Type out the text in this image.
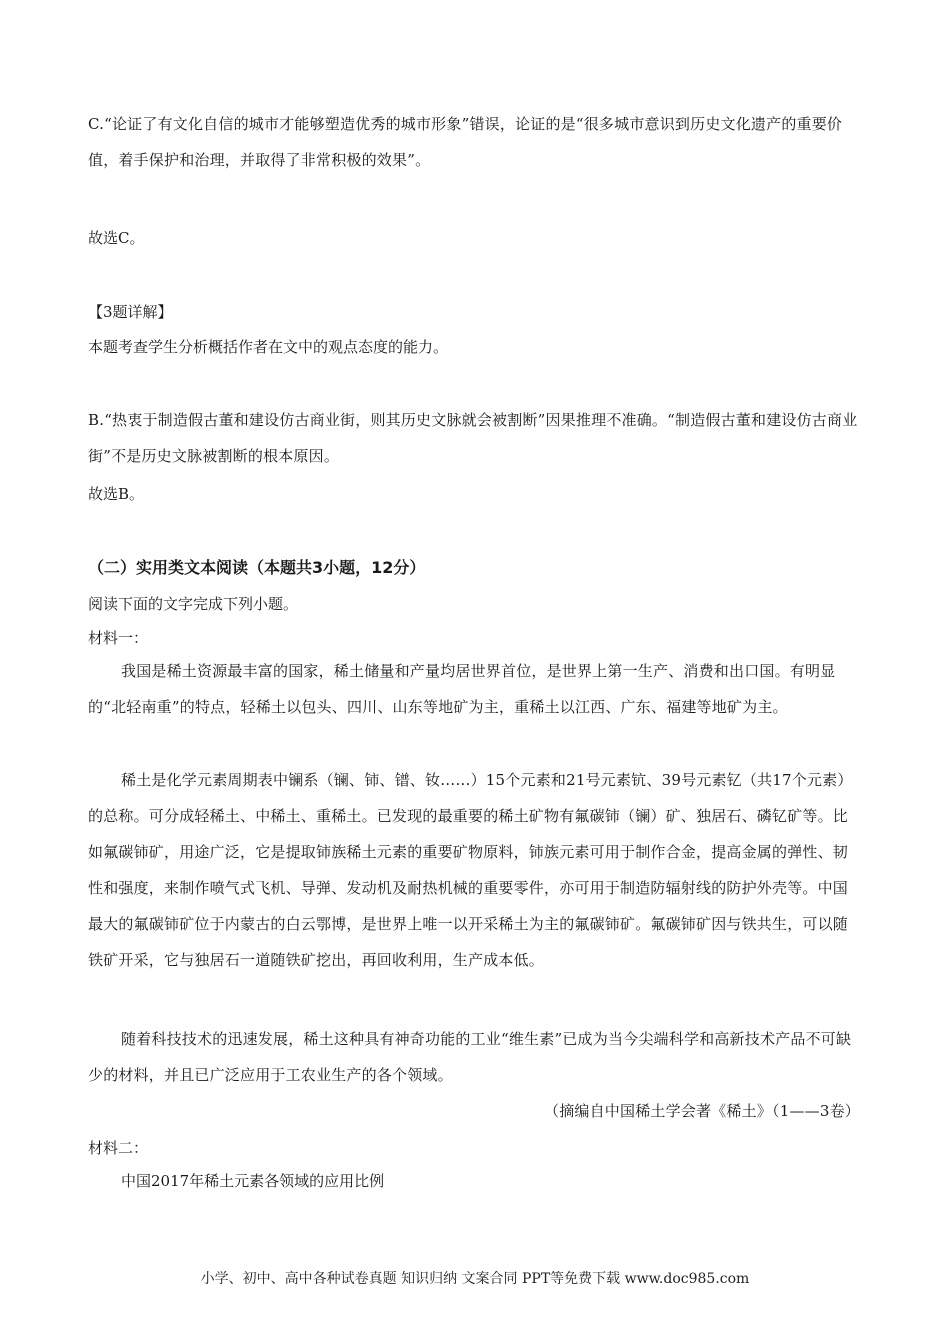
C.“论证了有文化自信的城市才能够塑造优秀的城市形象”错误，论证的是“很多城市意识到历史文化遗产的重要价值，着手保护和治理，并取得了非常积极的效果”。
故选C。
【3题详解】
本题考查学生分析概括作者在文中的观点态度的能力。
B.“热衷于制造假古董和建设仿古商业街，则其历史文脉就会被割断”因果推理不准确。“制造假古董和建设仿古商业街”不是历史文脉被割断的根本原因。
故选B。
（二）实用类文本阅读（本题共3小题，12分）
阅读下面的文字完成下列小题。
材料一：
我国是稀土资源最丰富的国家，稀土储量和产量均居世界首位，是世界上第一生产、消费和出口国。有明显的“北轻南重”的特点，轻稀土以包头、四川、山东等地矿为主，重稀土以江西、广东、福建等地矿为主。
稀土是化学元素周期表中镧系（镧、铈、镨、钕……）15个元素和21号元素钪、39号元素钇（共17个元素）的总称。可分成轻稀土、中稀土、重稀土。已发现的最重要的稀土矿物有氟碳铈（镧）矿、独居石、磷钇矿等。比如氟碳铈矿，用途广泛，它是提取铈族稀土元素的重要矿物原料，铈族元素可用于制作合金，提高金属的弹性、韧性和强度，来制作喷气式飞机、导弹、发动机及耐热机械的重要零件，亦可用于制造防辐射线的防护外壳等。中国最大的氟碳铈矿位于内蒙古的白云鄂博，是世界上唯一以开采稀土为主的氟碳铈矿。氟碳铈矿因与铁共生，可以随铁矿开采，它与独居石一道随铁矿挖出，再回收利用，生产成本低。
随着科技技术的迅速发展，稀土这种具有神奇功能的工业“维生素”已成为当今尖端科学和高新技术产品不可缺少的材料，并且已广泛应用于工农业生产的各个领域。
（摘编自中国稀土学会著《稀土》（1——3卷）
材料二：
中国2017年稀土元素各领域的应用比例
小学、初中、高中各种试卷真题 知识归纳 文案合同 PPT等免费下载 www.doc985.com
